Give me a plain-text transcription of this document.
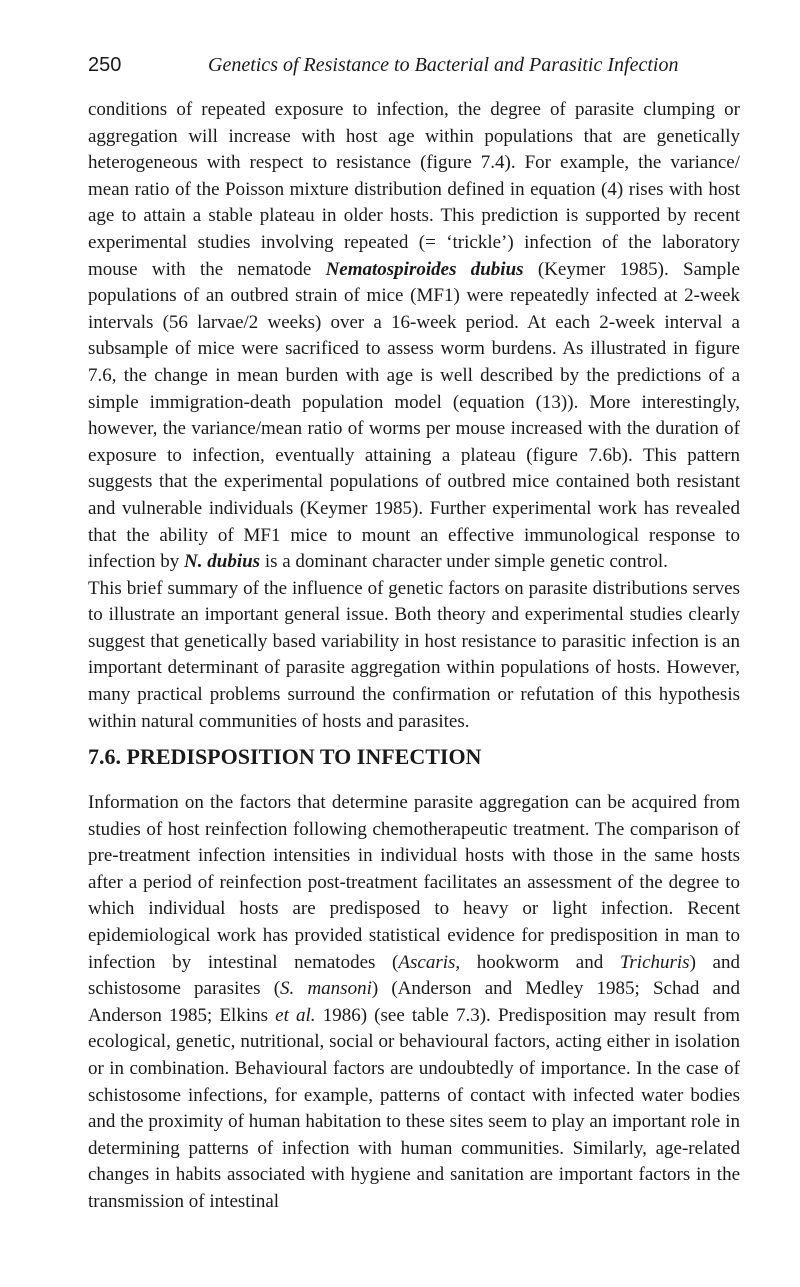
250	Genetics of Resistance to Bacterial and Parasitic Infection

conditions of repeated exposure to infection, the degree of parasite clumping or aggregation will increase with host age within populations that are genetically heterogeneous with respect to resistance (figure 7.4). For example, the variance/ mean ratio of the Poisson mixture distribution defined in equation (4) rises with host age to attain a stable plateau in older hosts. This prediction is supported by recent experimental studies involving repeated (= ‘trickle’) infection of the laboratory mouse with the nematode Nematospiroides dubius (Keymer 1985). Sample populations of an outbred strain of mice (MF1) were repeatedly infected at 2-week intervals (56 larvae/2 weeks) over a 16-week period. At each 2-week interval a subsample of mice were sacrificed to assess worm burdens. As illustrated in figure 7.6, the change in mean burden with age is well described by the predictions of a simple immigration-death population model (equation (13)). More interestingly, however, the variance/mean ratio of worms per mouse increased with the duration of exposure to infection, eventually attaining a plateau (figure 7.6b). This pattern suggests that the experimental populations of outbred mice contained both resistant and vulnerable individuals (Keymer 1985). Further experimental work has revealed that the ability of MF1 mice to mount an effective immunological response to infection by N. dubius is a dominant character under simple genetic control.

This brief summary of the influence of genetic factors on parasite distributions serves to illustrate an important general issue. Both theory and experimental studies clearly suggest that genetically based variability in host resistance to parasitic infection is an important determinant of parasite aggregation within populations of hosts. However, many practical problems surround the confirmation or refutation of this hypothesis within natural communities of hosts and parasites.

7.6. PREDISPOSITION TO INFECTION

Information on the factors that determine parasite aggregation can be acquired from studies of host reinfection following chemotherapeutic treatment. The comparison of pre-treatment infection intensities in individual hosts with those in the same hosts after a period of reinfection post-treatment facilitates an assessment of the degree to which individual hosts are predisposed to heavy or light infection. Recent epidemiological work has provided statistical evidence for predisposition in man to infection by intestinal nematodes (Ascaris, hookworm and Trichuris) and schistosome parasites (S. mansoni) (Anderson and Medley 1985; Schad and Anderson 1985; Elkins et al. 1986) (see table 7.3). Predisposition may result from ecological, genetic, nutritional, social or behavioural factors, acting either in isolation or in combination. Behavioural factors are undoubtedly of importance. In the case of schistosome infections, for example, patterns of contact with infected water bodies and the proximity of human habitation to these sites seem to play an important role in determining patterns of infection with human communities. Similarly, age-related changes in habits associated with hygiene and sanitation are important factors in the transmission of intestinal
